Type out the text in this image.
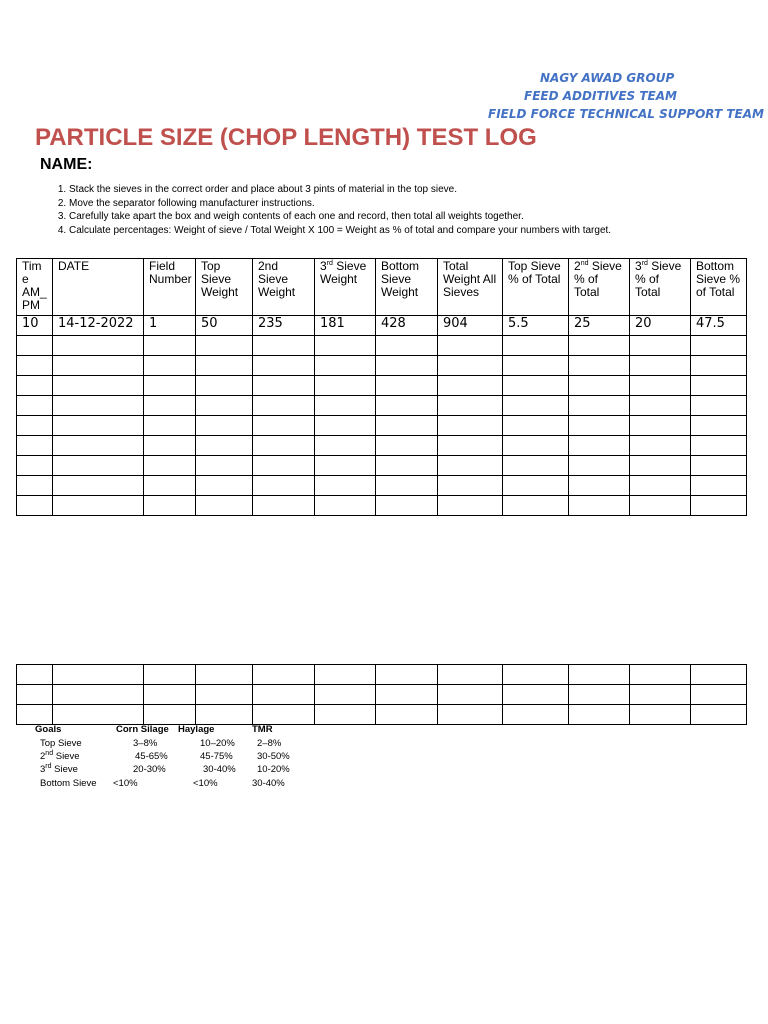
NAGY AWAD GROUP
FEED ADDITIVES TEAM
FIELD FORCE TECHNICAL SUPPORT TEAM
PARTICLE SIZE (CHOP LENGTH) TEST LOG
NAME:
1. Stack the sieves in the correct order and place about 3 pints of material in the top sieve.
2. Move the separator following manufacturer instructions.
3. Carefully take apart the box and weigh contents of each one and record, then total all weights together.
4. Calculate percentages: Weight of sieve / Total Weight X 100 = Weight as % of total and compare your numbers with target.
Tim
e
AM_
PM	DATE	Field
Number	Top
Sieve
Weight	2nd
Sieve
Weight	3rd Sieve
Weight	Bottom
Sieve
Weight	Total
Weight All
Sieves	Top Sieve
% of Total	2nd Sieve
% of
Total	3rd Sieve
% of
Total	Bottom
Sieve %
of Total
10	14-12-2022	1	50	235	181	428	904	5.5	25	20	47.5

Goals	Corn Silage	Haylage	TMR
Top Sieve	3–8%	10–20%	2–8%
2nd Sieve	45-65%	45-75%	30-50%
3rd Sieve	20-30%	30-40%	10-20%
Bottom Sieve	<10%	<10%	30-40%
